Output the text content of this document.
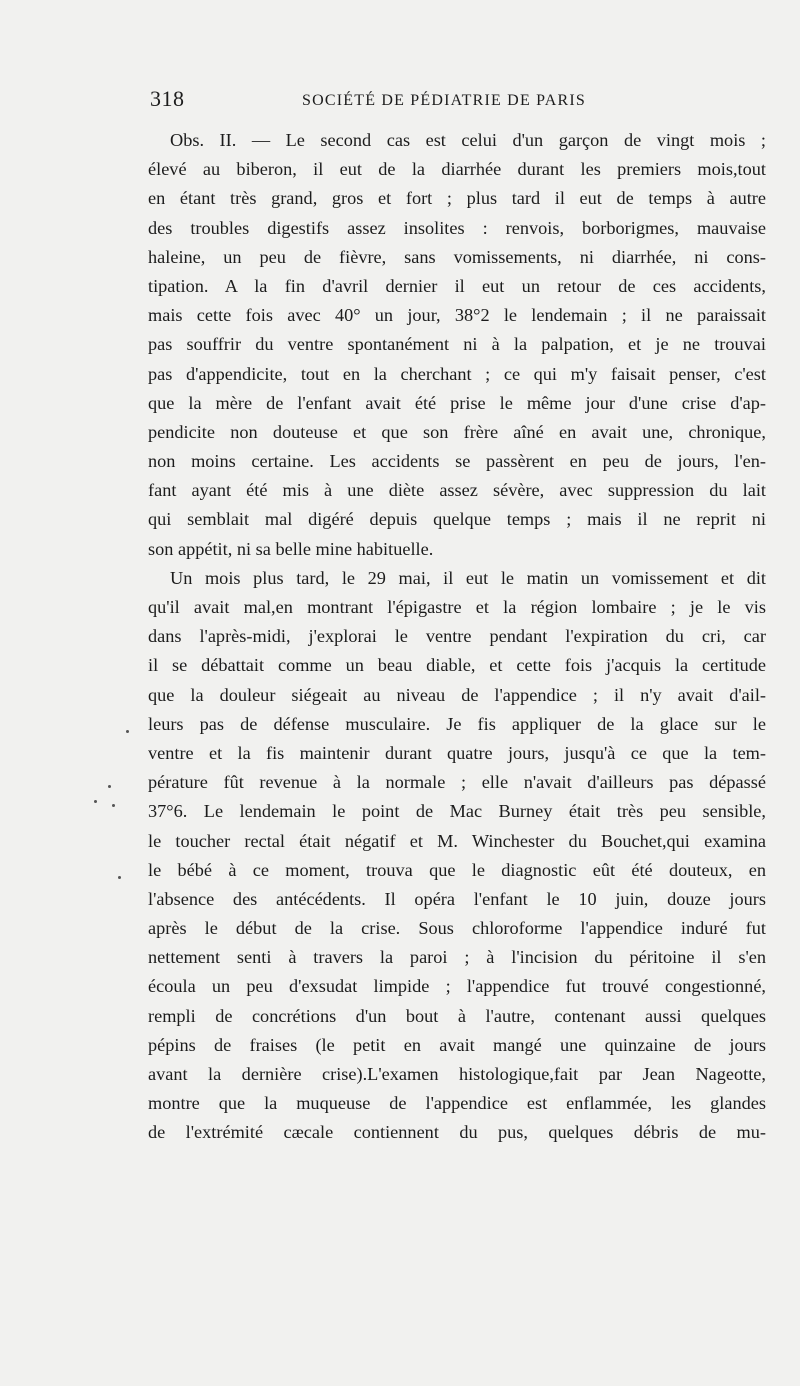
318	SOCIÉTÉ DE PÉDIATRIE DE PARIS
Obs. II. — Le second cas est celui d'un garçon de vingt mois ;
élevé au biberon, il eut de la diarrhée durant les premiers mois,tout
en étant très grand, gros et fort ; plus tard il eut de temps à autre
des troubles digestifs assez insolites : renvois, borborigmes, mauvaise
haleine, un peu de fièvre, sans vomissements, ni diarrhée, ni cons-
tipation. A la fin d'avril dernier il eut un retour de ces accidents,
mais cette fois avec 40° un jour, 38°2 le lendemain ; il ne paraissait
pas souffrir du ventre spontanément ni à la palpation, et je ne trouvai
pas d'appendicite, tout en la cherchant ; ce qui m'y faisait penser, c'est
que la mère de l'enfant avait été prise le même jour d'une crise d'ap-
pendicite non douteuse et que son frère aîné en avait une, chronique,
non moins certaine. Les accidents se passèrent en peu de jours, l'en-
fant ayant été mis à une diète assez sévère, avec suppression du lait
qui semblait mal digéré depuis quelque temps ; mais il ne reprit ni
son appétit, ni sa belle mine habituelle.
Un mois plus tard, le 29 mai, il eut le matin un vomissement et dit
qu'il avait mal,en montrant l'épigastre et la région lombaire ; je le vis
dans l'après-midi, j'explorai le ventre pendant l'expiration du cri, car
il se débattait comme un beau diable, et cette fois j'acquis la certitude
que la douleur siégeait au niveau de l'appendice ; il n'y avait d'ail-
leurs pas de défense musculaire. Je fis appliquer de la glace sur le
ventre et la fis maintenir durant quatre jours, jusqu'à ce que la tem-
pérature fût revenue à la normale ; elle n'avait d'ailleurs pas dépassé
37°6. Le lendemain le point de Mac Burney était très peu sensible,
le toucher rectal était négatif et M. Winchester du Bouchet,qui examina
le bébé à ce moment, trouva que le diagnostic eût été douteux, en
l'absence des antécédents. Il opéra l'enfant le 10 juin, douze jours
après le début de la crise. Sous chloroforme l'appendice induré fut
nettement senti à travers la paroi ; à l'incision du péritoine il s'en
écoula un peu d'exsudat limpide ; l'appendice fut trouvé congestionné,
rempli de concrétions d'un bout à l'autre, contenant aussi quelques
pépins de fraises (le petit en avait mangé une quinzaine de jours
avant la dernière crise).L'examen histologique,fait par Jean Nageotte,
montre que la muqueuse de l'appendice est enflammée, les glandes
de l'extrémité cæcale contiennent du pus, quelques débris de mu-
